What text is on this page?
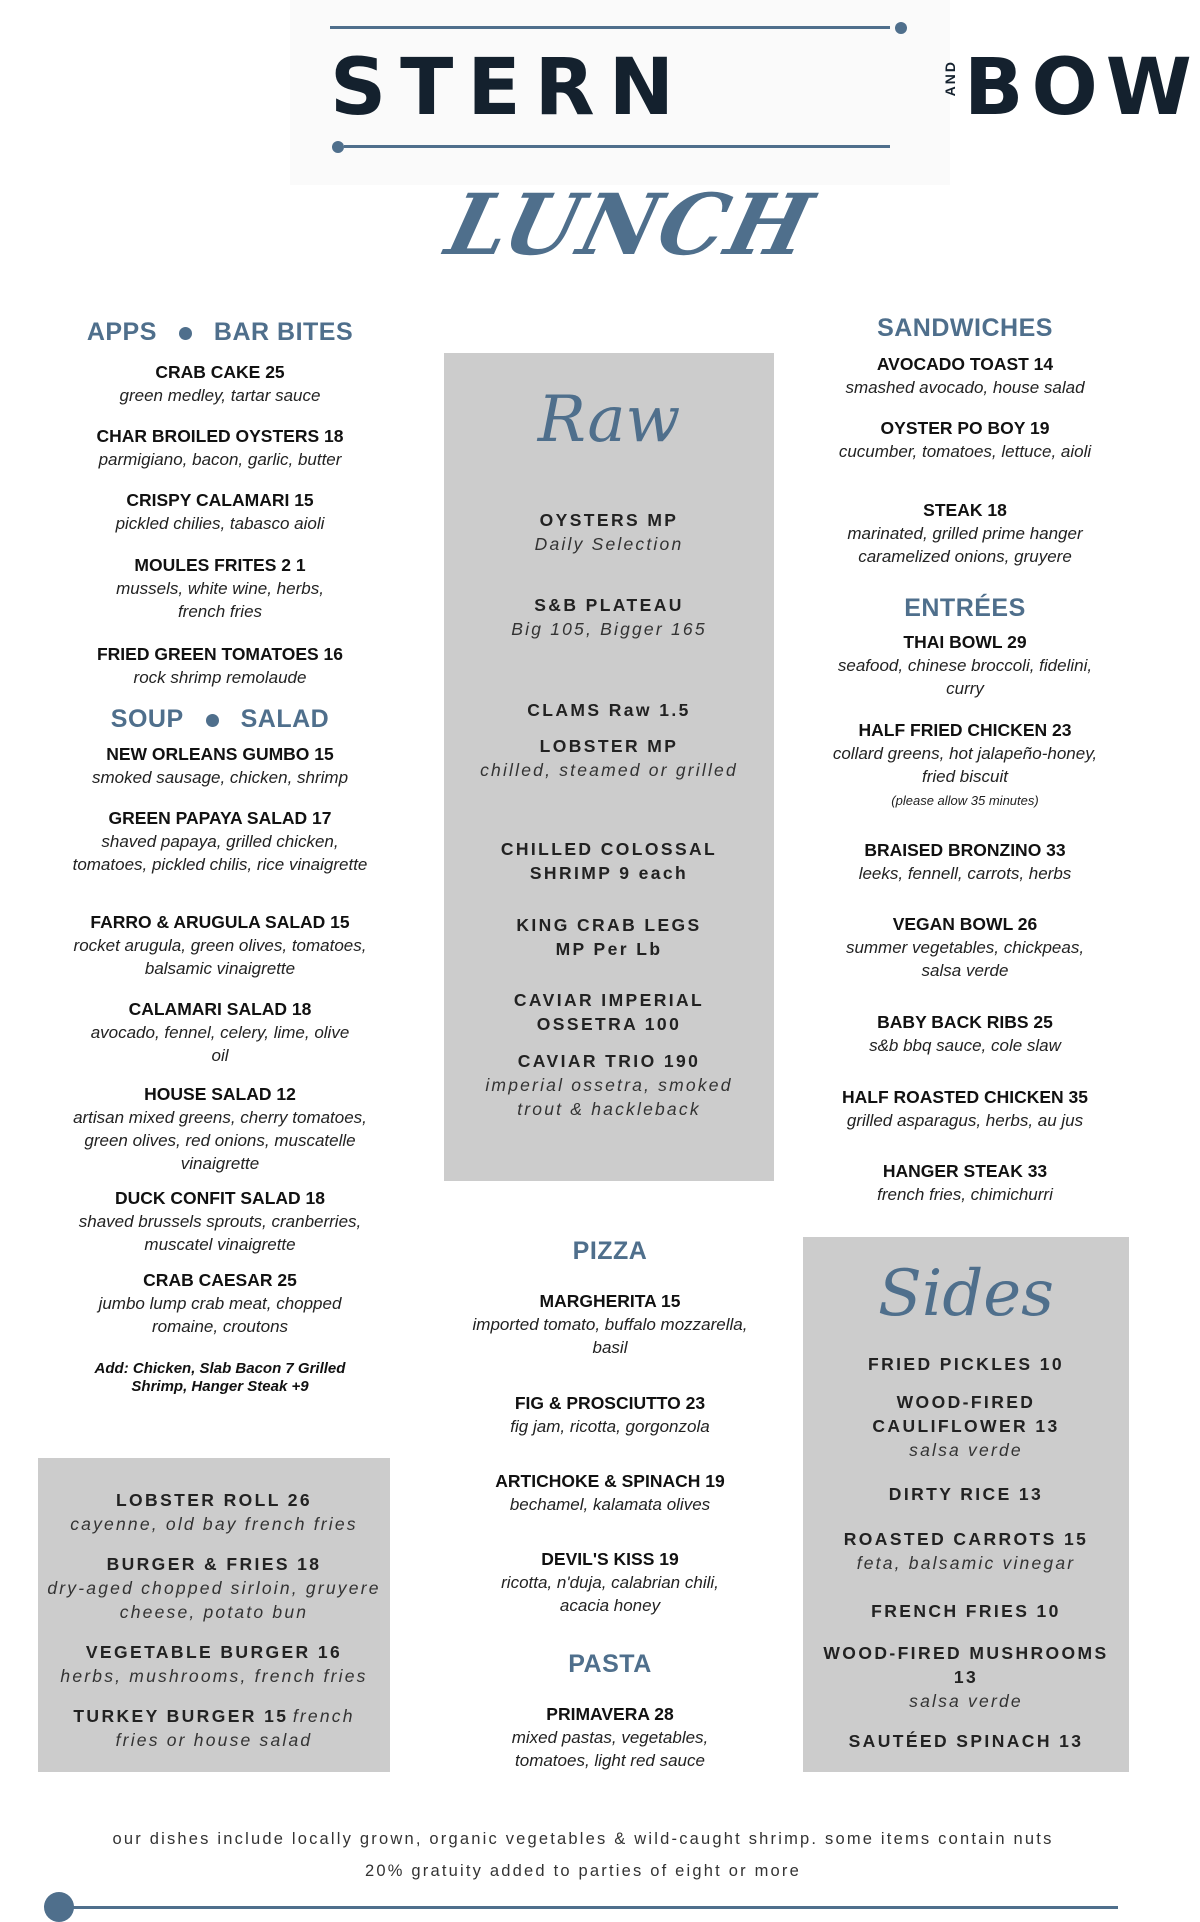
STERN	AND BOW
LUNCH
APPS BAR BITES
CRAB CAKE 25
green medley, tartar sauce
CHAR BROILED OYSTERS 18
parmigiano, bacon, garlic, butter
CRISPY CALAMARI 15
pickled chilies, tabasco aioli
MOULES FRITES 2 1
mussels, white wine, herbs, french fries
FRIED GREEN TOMATOES 16
rock shrimp remolaude
SOUP SALAD
NEW ORLEANS GUMBO 15
smoked sausage, chicken, shrimp
GREEN PAPAYA SALAD 17
shaved papaya, grilled chicken, tomatoes, pickled chilis, rice vinaigrette
FARRO & ARUGULA SALAD 15
rocket arugula, green olives, tomatoes, balsamic vinaigrette
CALAMARI SALAD 18
avocado, fennel, celery, lime, olive oil
HOUSE SALAD 12
artisan mixed greens, cherry tomatoes, green olives, red onions, muscatelle vinaigrette
DUCK CONFIT SALAD 18
shaved brussels sprouts, cranberries, muscatel vinaigrette
CRAB CAESAR 25
jumbo lump crab meat, chopped romaine, croutons
Add: Chicken, Slab Bacon 7 Grilled Shrimp, Hanger Steak +9
LOBSTER ROLL 26
cayenne, old bay french fries
BURGER & FRIES 18
dry-aged chopped sirloin, gruyere cheese, potato bun
VEGETABLE BURGER 16
herbs, mushrooms, french fries
TURKEY BURGER 15 french fries or house salad
Raw
OYSTERS MP
Daily Selection
S&B PLATEAU
Big 105, Bigger 165
CLAMS Raw 1.5
LOBSTER MP
chilled, steamed or grilled
CHILLED COLOSSAL SHRIMP 9 each
KING CRAB LEGS MP Per Lb
CAVIAR IMPERIAL OSSETRA 100
CAVIAR TRIO 190
imperial ossetra, smoked trout & hackleback
PIZZA
MARGHERITA 15
imported tomato, buffalo mozzarella, basil
FIG & PROSCIUTTO 23
fig jam, ricotta, gorgonzola
ARTICHOKE & SPINACH 19
bechamel, kalamata olives
DEVIL'S KISS 19
ricotta, n'duja, calabrian chili, acacia honey
PASTA
PRIMAVERA 28
mixed pastas, vegetables, tomatoes, light red sauce
SANDWICHES
AVOCADO TOAST 14
smashed avocado, house salad
OYSTER PO BOY 19
cucumber, tomatoes, lettuce, aioli
STEAK 18
marinated, grilled prime hanger caramelized onions, gruyere
ENTRÉES
THAI BOWL 29
seafood, chinese broccoli, fidelini, curry
HALF FRIED CHICKEN 23
collard greens, hot jalapeño-honey, fried biscuit
(please allow 35 minutes)
BRAISED BRONZINO 33
leeks, fennell, carrots, herbs
VEGAN BOWL 26
summer vegetables, chickpeas, salsa verde
BABY BACK RIBS 25
s&b bbq sauce, cole slaw
HALF ROASTED CHICKEN 35
grilled asparagus, herbs, au jus
HANGER STEAK 33
french fries, chimichurri
Sides
FRIED PICKLES 10
WOOD-FIRED CAULIFLOWER 13
salsa verde
DIRTY RICE 13
ROASTED CARROTS 15
feta, balsamic vinegar
FRENCH FRIES 10
WOOD-FIRED MUSHROOMS 13
salsa verde
SAUTÉED SPINACH 13
our dishes include locally grown, organic vegetables & wild-caught shrimp. some items contain nuts
20% gratuity added to parties of eight or more
